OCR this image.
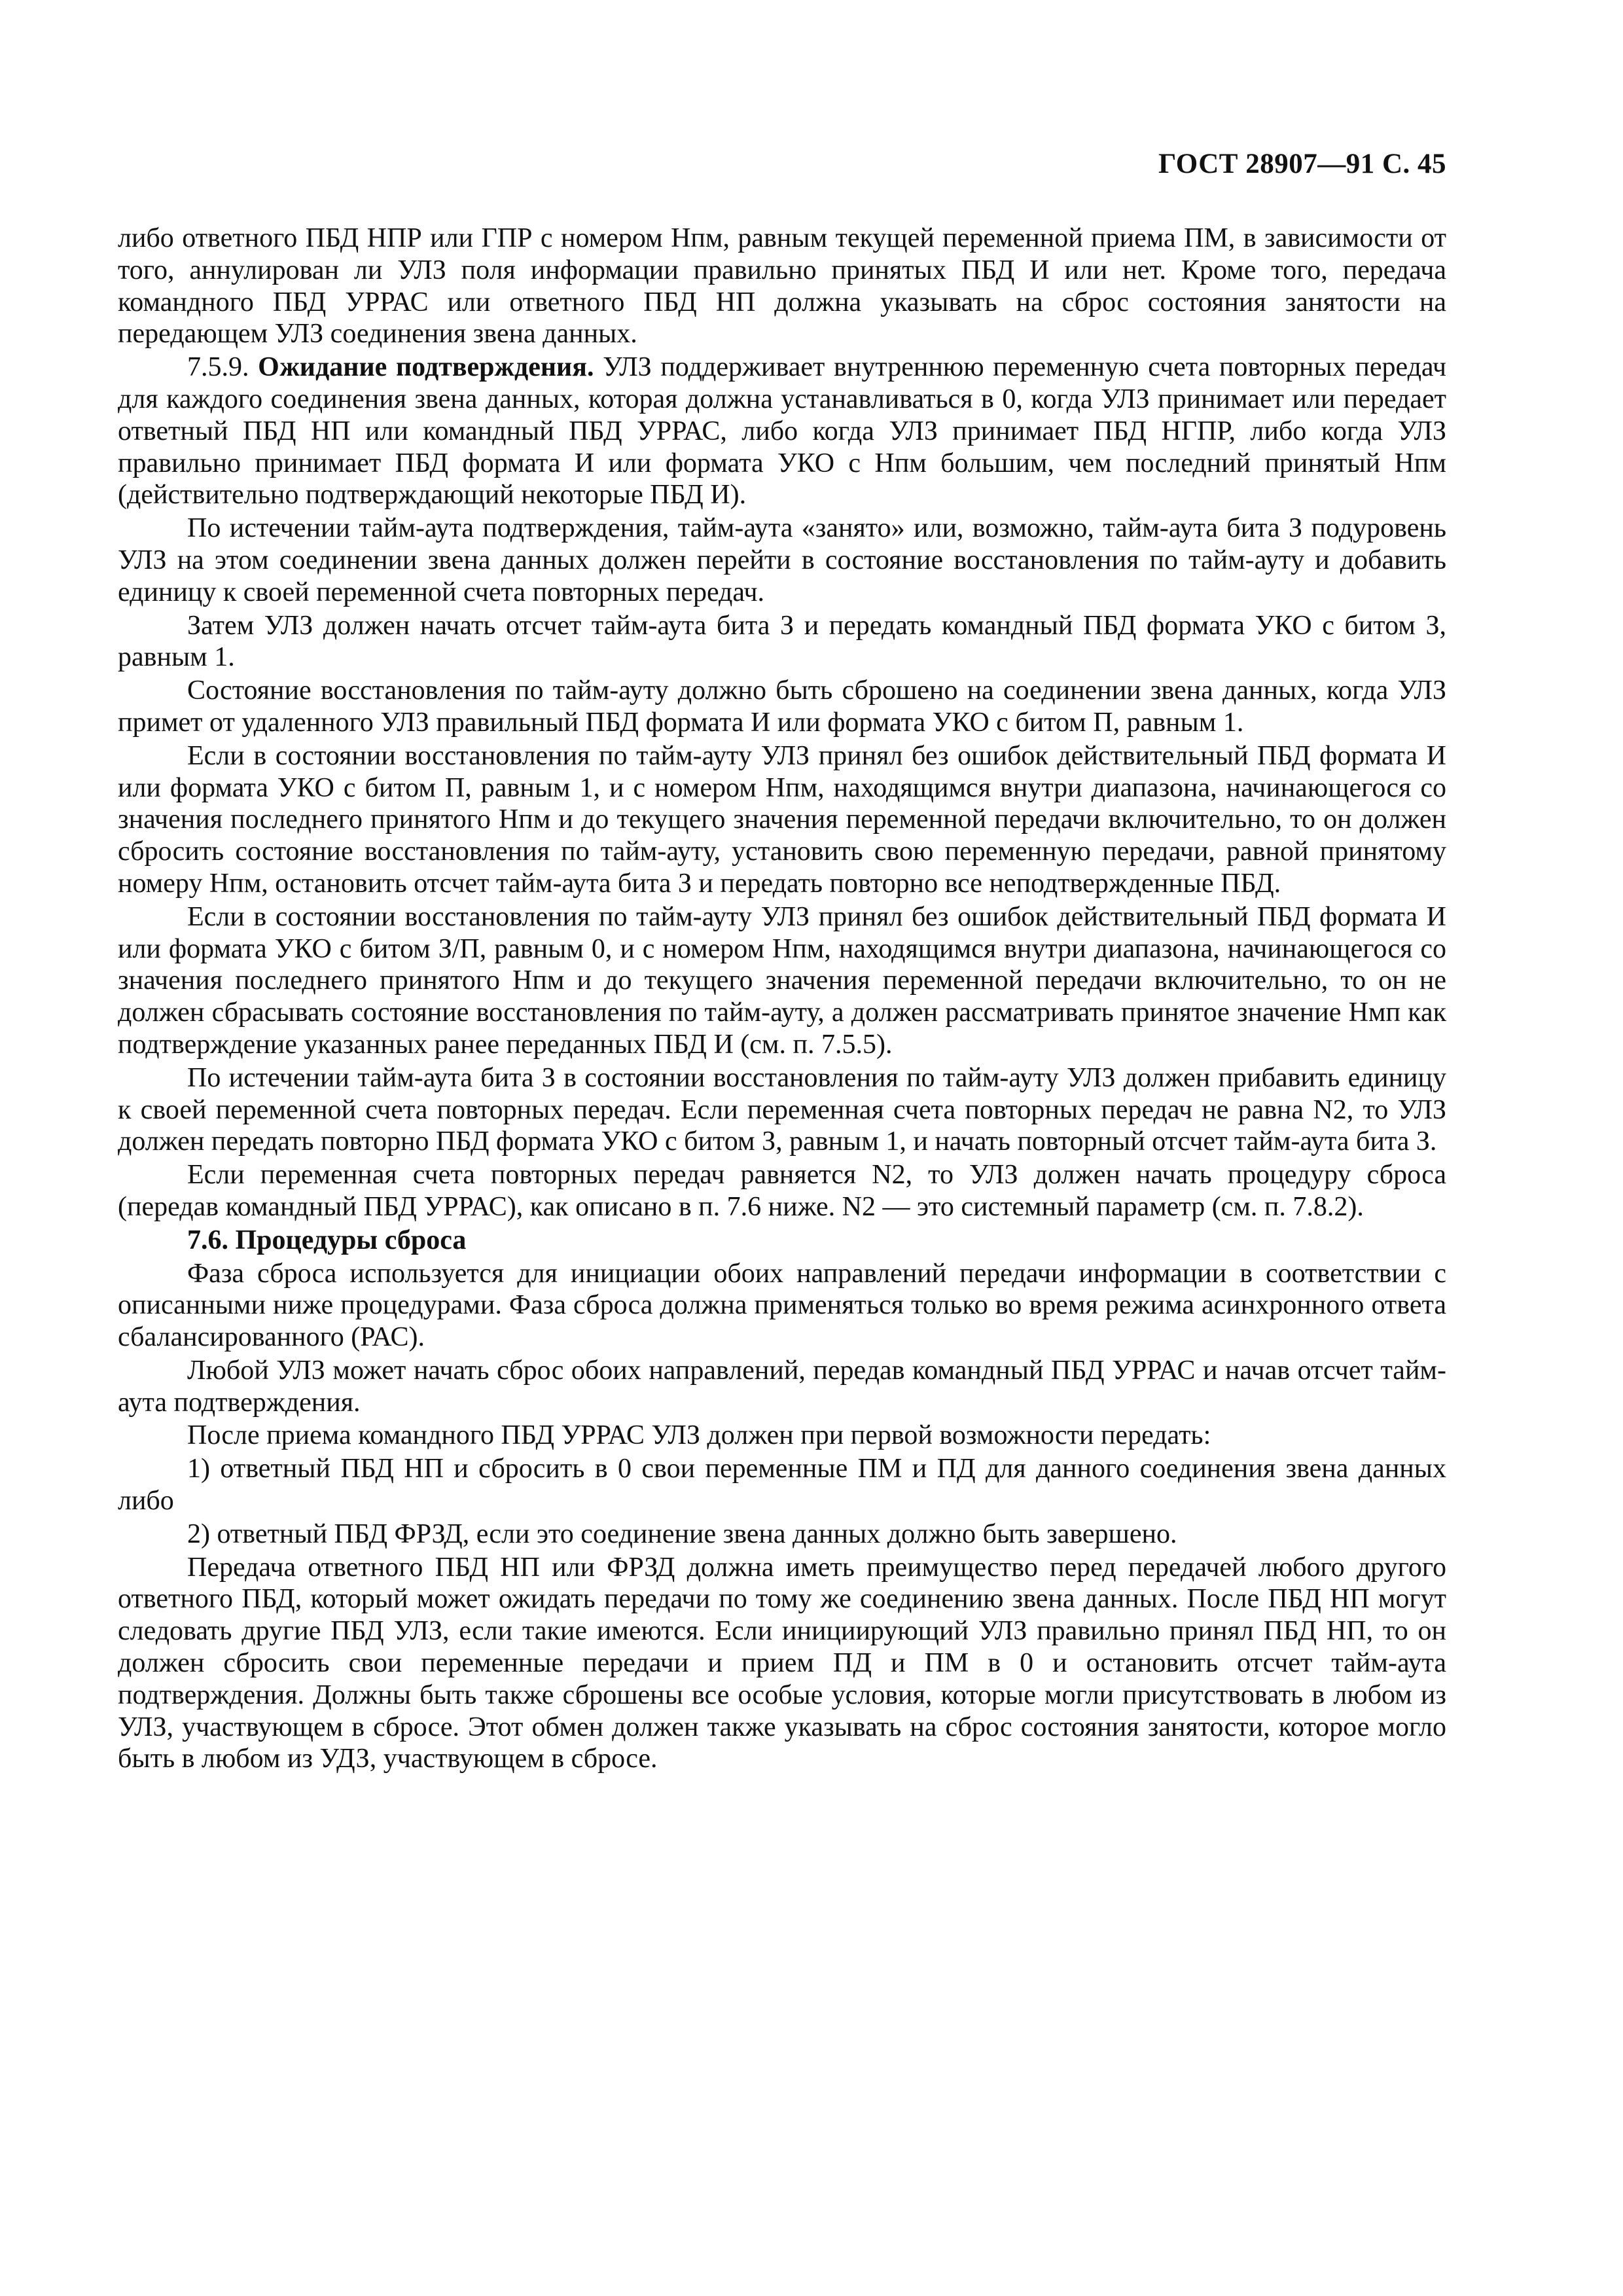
ГОСТ 28907—91 С. 45

либо ответного ПБД НПР или ГПР с номером Нпм, равным текущей переменной приема ПМ, в зависимости от того, аннулирован ли УЛЗ поля информации правильно принятых ПБД И или нет. Кроме того, передача командного ПБД УРРАС или ответного ПБД НП должна указывать на сброс состояния занятости на передающем УЛЗ соединения звена данных.

7.5.9. Ожидание подтверждения. УЛЗ поддерживает внутреннюю переменную счета повторных передач для каждого соединения звена данных, которая должна устанавливаться в 0, когда УЛЗ принимает или передает ответный ПБД НП или командный ПБД УРРАС, либо когда УЛЗ принимает ПБД НГПР, либо когда УЛЗ правильно принимает ПБД формата И или формата УКО с Нпм большим, чем последний принятый Нпм (действительно подтверждающий некоторые ПБД И).

По истечении тайм-аута подтверждения, тайм-аута «занято» или, возможно, тайм-аута бита З подуровень УЛЗ на этом соединении звена данных должен перейти в состояние восстановления по тайм-ауту и добавить единицу к своей переменной счета повторных передач.

Затем УЛЗ должен начать отсчет тайм-аута бита З и передать командный ПБД формата УКО с битом З, равным 1.

Состояние восстановления по тайм-ауту должно быть сброшено на соединении звена данных, когда УЛЗ примет от удаленного УЛЗ правильный ПБД формата И или формата УКО с битом П, равным 1.

Если в состоянии восстановления по тайм-ауту УЛЗ принял без ошибок действительный ПБД формата И или формата УКО с битом П, равным 1, и с номером Нпм, находящимся внутри диапазона, начинающегося со значения последнего принятого Нпм и до текущего значения переменной передачи включительно, то он должен сбросить состояние восстановления по тайм-ауту, установить свою переменную передачи, равной принятому номеру Нпм, остановить отсчет тайм-аута бита З и передать повторно все неподтвержденные ПБД.

Если в состоянии восстановления по тайм-ауту УЛЗ принял без ошибок действительный ПБД формата И или формата УКО с битом З/П, равным 0, и с номером Нпм, находящимся внутри диапазона, начинающегося со значения последнего принятого Нпм и до текущего значения переменной передачи включительно, то он не должен сбрасывать состояние восстановления по тайм-ауту, а должен рассматривать принятое значение Нмп как подтверждение указанных ранее переданных ПБД И (см. п. 7.5.5).

По истечении тайм-аута бита З в состоянии восстановления по тайм-ауту УЛЗ должен прибавить единицу к своей переменной счета повторных передач. Если переменная счета повторных передач не равна N2, то УЛЗ должен передать повторно ПБД формата УКО с битом З, равным 1, и начать повторный отсчет тайм-аута бита З.

Если переменная счета повторных передач равняется N2, то УЛЗ должен начать процедуру сброса (передав командный ПБД УРРАС), как описано в п. 7.6 ниже. N2 — это системный параметр (см. п. 7.8.2).

7.6. Процедуры сброса

Фаза сброса используется для инициации обоих направлений передачи информации в соответствии с описанными ниже процедурами. Фаза сброса должна применяться только во время режима асинхронного ответа сбалансированного (РАС).

Любой УЛЗ может начать сброс обоих направлений, передав командный ПБД УРРАС и начав отсчет тайм-аута подтверждения.

После приема командного ПБД УРРАС УЛЗ должен при первой возможности передать:

1) ответный ПБД НП и сбросить в 0 свои переменные ПМ и ПД для данного соединения звена данных либо

2) ответный ПБД ФРЗД, если это соединение звена данных должно быть завершено.

Передача ответного ПБД НП или ФРЗД должна иметь преимущество перед передачей любого другого ответного ПБД, который может ожидать передачи по тому же соединению звена данных. После ПБД НП могут следовать другие ПБД УЛЗ, если такие имеются. Если инициирующий УЛЗ правильно принял ПБД НП, то он должен сбросить свои переменные передачи и прием ПД и ПМ в 0 и остановить отсчет тайм-аута подтверждения. Должны быть также сброшены все особые условия, которые могли присутствовать в любом из УЛЗ, участвующем в сбросе. Этот обмен должен также указывать на сброс состояния занятости, которое могло быть в любом из УДЗ, участвующем в сбросе.
